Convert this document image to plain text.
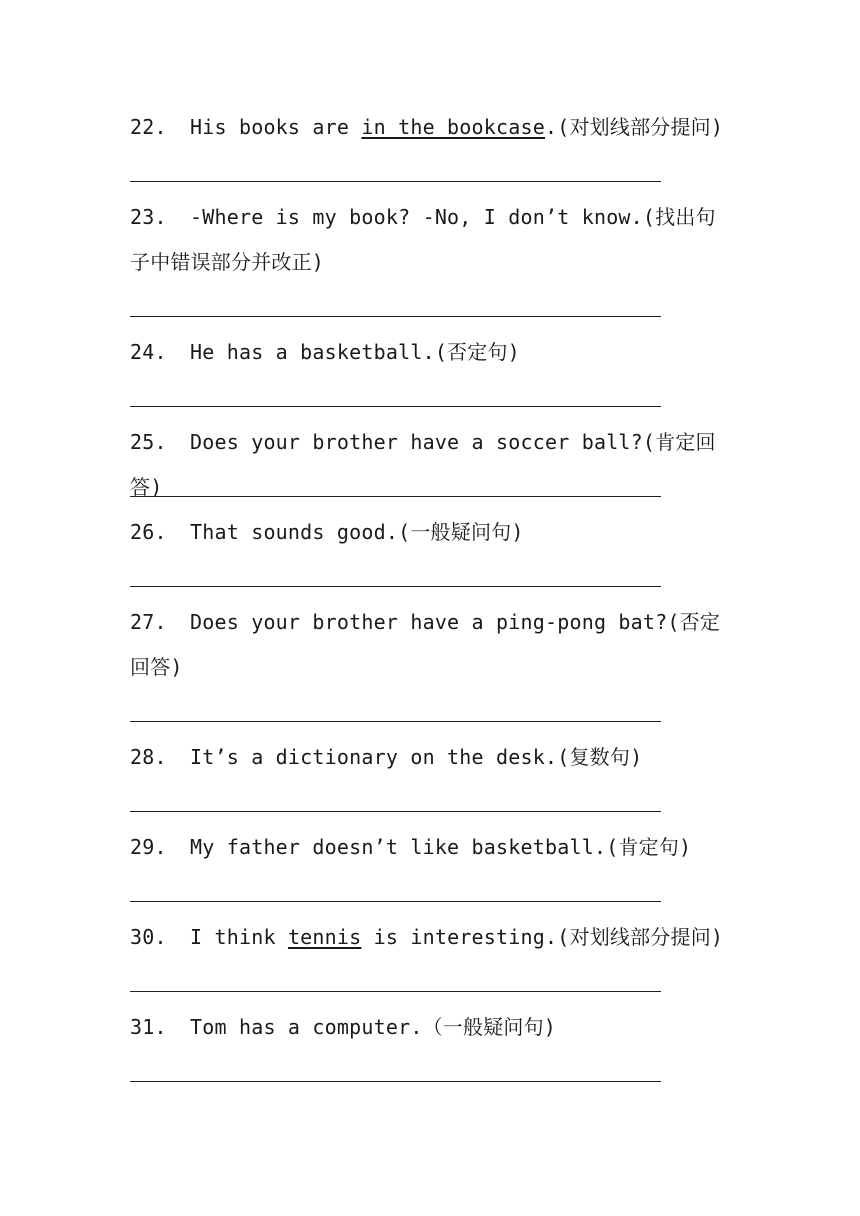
22. His books are in the bookcase.(对划线部分提问)
23. -Where is my book? -No, I don’t know.(找出句子中错误部分并改正)
24. He has a basketball.(否定句)
25. Does your brother have a soccer ball?(肯定回答)
26. That sounds good.(一般疑问句)
27. Does your brother have a ping-pong bat?(否定回答)
28. It’s a dictionary on the desk.(复数句)
29. My father doesn’t like basketball.(肯定句)
30. I think tennis is interesting.(对划线部分提问)
31. Tom has a computer.（一般疑问句)
